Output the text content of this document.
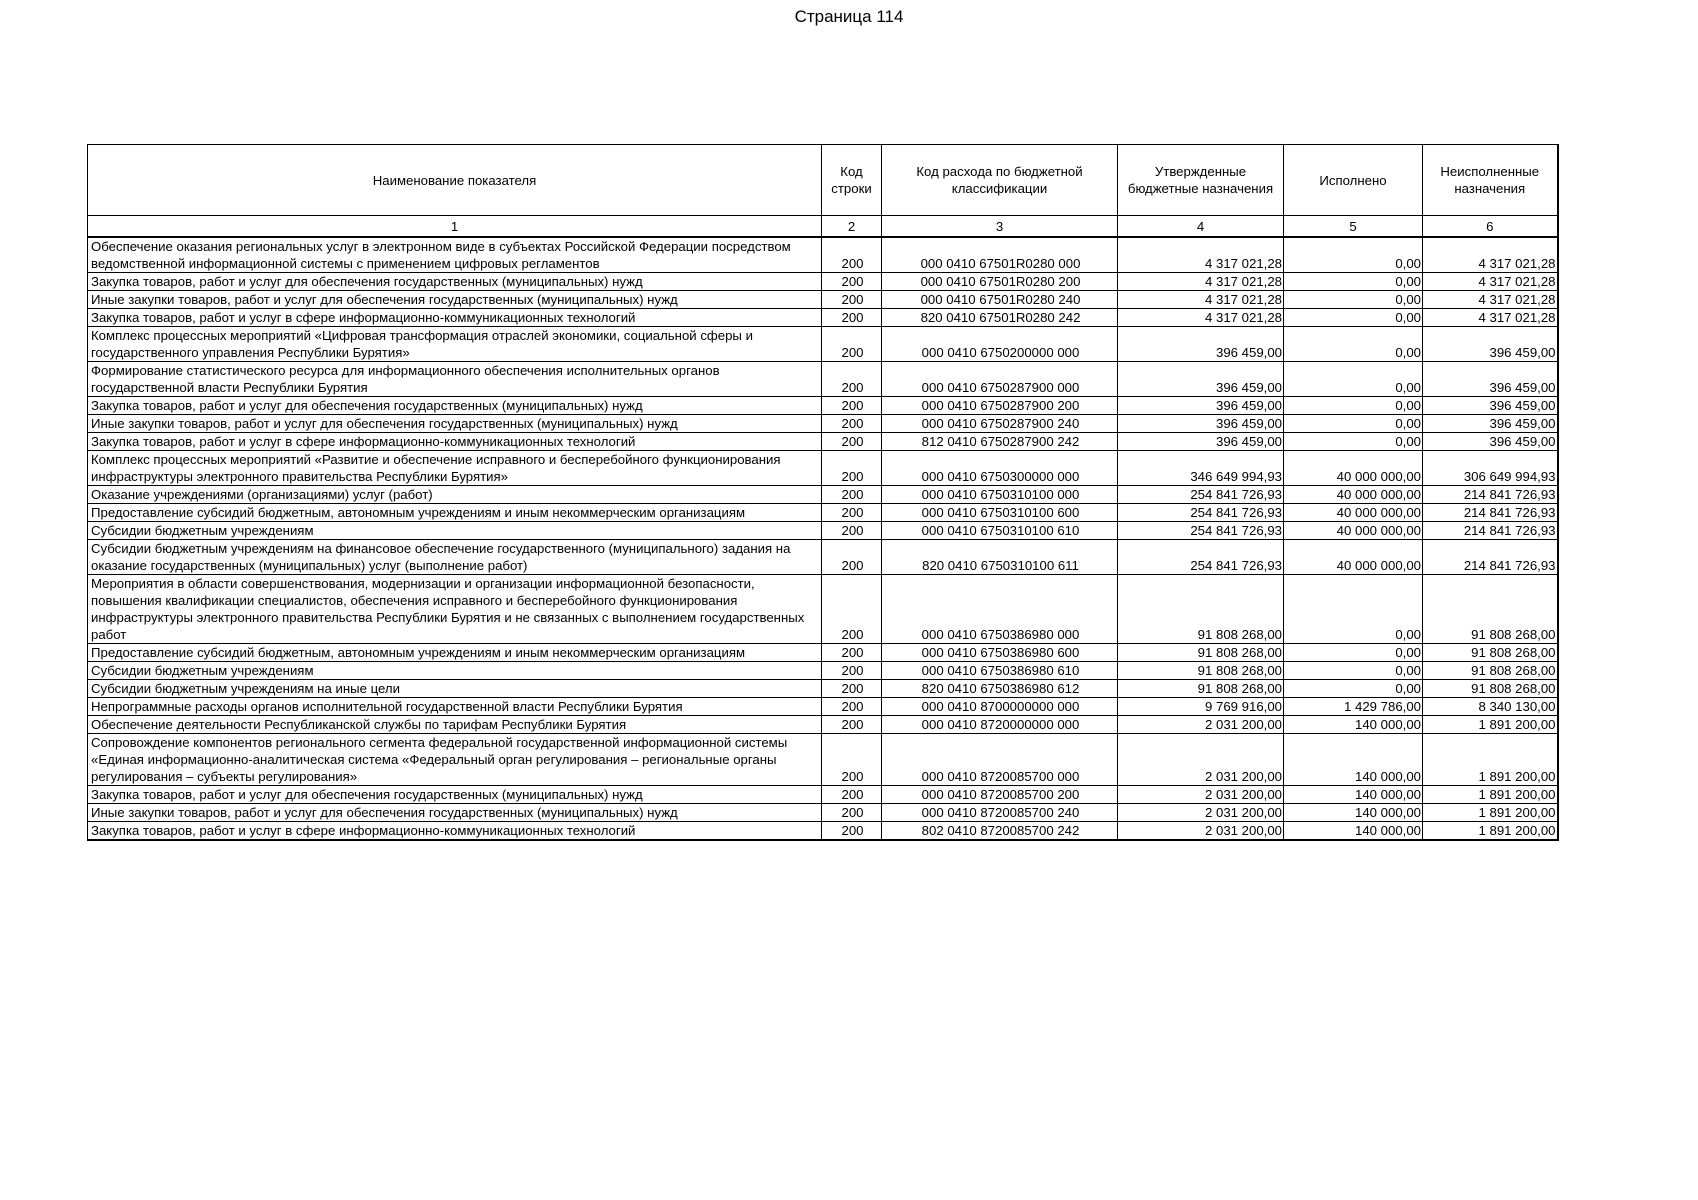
Страница 114
Наименование показателя	Код строки	Код расхода по бюджетной классификации	Утвержденные бюджетные назначения	Исполнено	Неисполненные назначения
1	2	3	4	5	6
Обеспечение оказания региональных услуг в электронном виде в субъектах Российской Федерации посредством ведомственной информационной системы с применением цифровых регламентов	200	000 0410 67501R0280 000	4 317 021,28	0,00	4 317 021,28
Закупка товаров, работ и услуг для обеспечения государственных (муниципальных) нужд	200	000 0410 67501R0280 200	4 317 021,28	0,00	4 317 021,28
Иные закупки товаров, работ и услуг для обеспечения государственных (муниципальных) нужд	200	000 0410 67501R0280 240	4 317 021,28	0,00	4 317 021,28
Закупка товаров, работ и услуг в сфере информационно-коммуникационных технологий	200	820 0410 67501R0280 242	4 317 021,28	0,00	4 317 021,28
Комплекс процессных мероприятий «Цифровая трансформация отраслей экономики, социальной сферы и государственного управления Республики Бурятия»	200	000 0410 6750200000 000	396 459,00	0,00	396 459,00
Формирование статистического ресурса для информационного обеспечения исполнительных органов государственной власти Республики Бурятия	200	000 0410 6750287900 000	396 459,00	0,00	396 459,00
Закупка товаров, работ и услуг для обеспечения государственных (муниципальных) нужд	200	000 0410 6750287900 200	396 459,00	0,00	396 459,00
Иные закупки товаров, работ и услуг для обеспечения государственных (муниципальных) нужд	200	000 0410 6750287900 240	396 459,00	0,00	396 459,00
Закупка товаров, работ и услуг в сфере информационно-коммуникационных технологий	200	812 0410 6750287900 242	396 459,00	0,00	396 459,00
Комплекс процессных мероприятий «Развитие и обеспечение исправного и бесперебойного функционирования инфраструктуры электронного правительства Республики Бурятия»	200	000 0410 6750300000 000	346 649 994,93	40 000 000,00	306 649 994,93
Оказание учреждениями (организациями) услуг (работ)	200	000 0410 6750310100 000	254 841 726,93	40 000 000,00	214 841 726,93
Предоставление субсидий бюджетным, автономным учреждениям и иным некоммерческим организациям	200	000 0410 6750310100 600	254 841 726,93	40 000 000,00	214 841 726,93
Субсидии бюджетным учреждениям	200	000 0410 6750310100 610	254 841 726,93	40 000 000,00	214 841 726,93
Субсидии бюджетным учреждениям на финансовое обеспечение государственного (муниципального) задания на оказание государственных (муниципальных) услуг (выполнение работ)	200	820 0410 6750310100 611	254 841 726,93	40 000 000,00	214 841 726,93
Мероприятия в области совершенствования, модернизации и организации информационной безопасности, повышения квалификации специалистов, обеспечения исправного и бесперебойного функционирования инфраструктуры электронного правительства Республики Бурятия и не связанных с выполнением государственных работ	200	000 0410 6750386980 000	91 808 268,00	0,00	91 808 268,00
Предоставление субсидий бюджетным, автономным учреждениям и иным некоммерческим организациям	200	000 0410 6750386980 600	91 808 268,00	0,00	91 808 268,00
Субсидии бюджетным учреждениям	200	000 0410 6750386980 610	91 808 268,00	0,00	91 808 268,00
Субсидии бюджетным учреждениям на иные цели	200	820 0410 6750386980 612	91 808 268,00	0,00	91 808 268,00
Непрограммные расходы органов исполнительной государственной власти Республики Бурятия	200	000 0410 8700000000 000	9 769 916,00	1 429 786,00	8 340 130,00
Обеспечение деятельности Республиканской службы по тарифам Республики Бурятия	200	000 0410 8720000000 000	2 031 200,00	140 000,00	1 891 200,00
Сопровождение компонентов регионального сегмента федеральной государственной информационной системы «Единая информационно-аналитическая система «Федеральный орган регулирования – региональные органы регулирования – субъекты регулирования»	200	000 0410 8720085700 000	2 031 200,00	140 000,00	1 891 200,00
Закупка товаров, работ и услуг для обеспечения государственных (муниципальных) нужд	200	000 0410 8720085700 200	2 031 200,00	140 000,00	1 891 200,00
Иные закупки товаров, работ и услуг для обеспечения государственных (муниципальных) нужд	200	000 0410 8720085700 240	2 031 200,00	140 000,00	1 891 200,00
Закупка товаров, работ и услуг в сфере информационно-коммуникационных технологий	200	802 0410 8720085700 242	2 031 200,00	140 000,00	1 891 200,00
